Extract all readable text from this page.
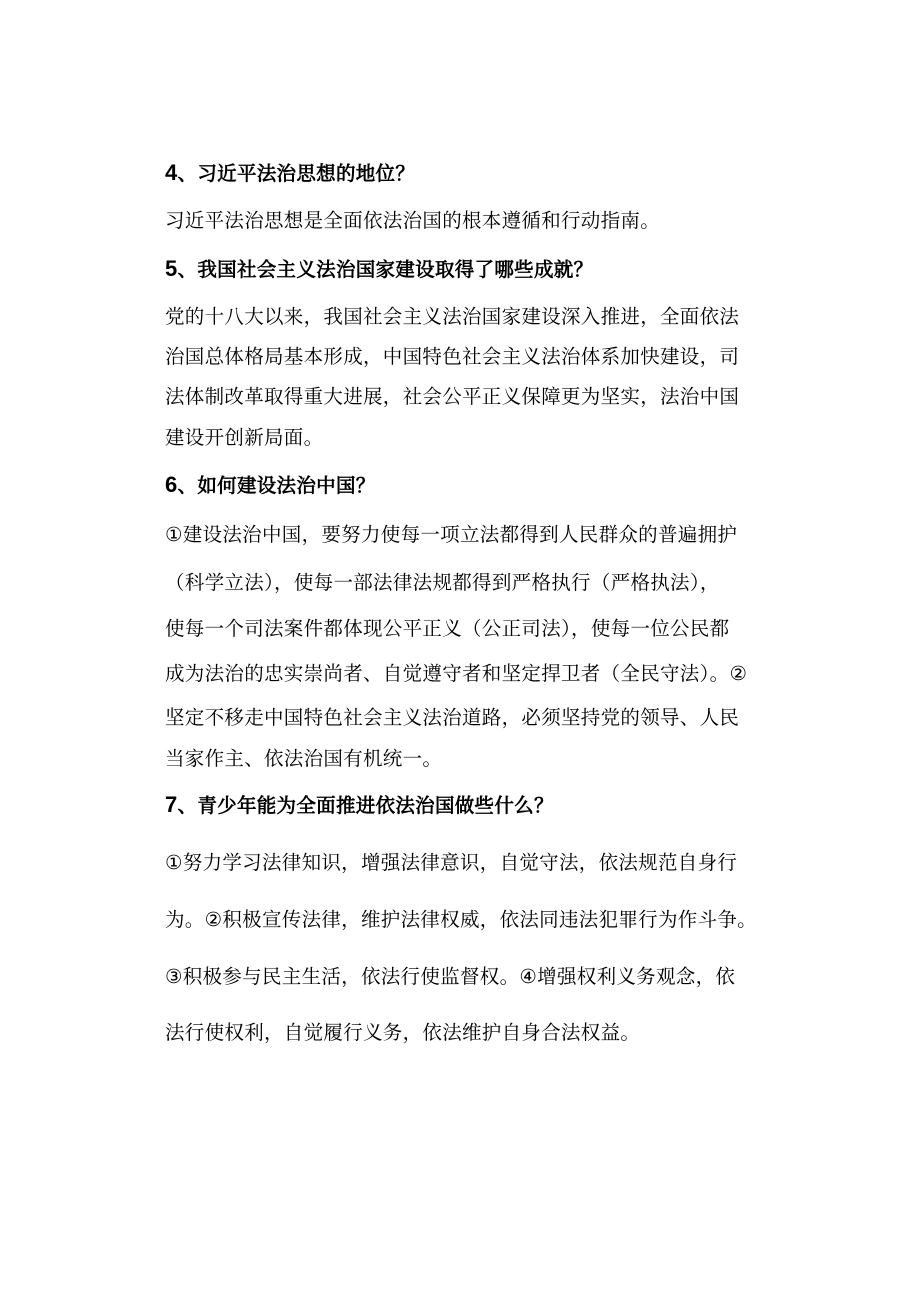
4、习近平法治思想的地位？
习近平法治思想是全面依法治国的根本遵循和行动指南。
5、我国社会主义法治国家建设取得了哪些成就？
党的十八大以来，我国社会主义法治国家建设深入推进，全面依法
治国总体格局基本形成，中国特色社会主义法治体系加快建设，司
法体制改革取得重大进展，社会公平正义保障更为坚实，法治中国
建设开创新局面。
6、如何建设法治中国？
①建设法治中国，要努力使每一项立法都得到人民群众的普遍拥护
（科学立法），使每一部法律法规都得到严格执行（严格执法），
使每一个司法案件都体现公平正义（公正司法），使每一位公民都
成为法治的忠实崇尚者、自觉遵守者和坚定捍卫者（全民守法）。②
坚定不移走中国特色社会主义法治道路，必须坚持党的领导、人民
当家作主、依法治国有机统一。
7、青少年能为全面推进依法治国做些什么？
①努力学习法律知识，增强法律意识，自觉守法，依法规范自身行
为。②积极宣传法律，维护法律权威，依法同违法犯罪行为作斗争。
③积极参与民主生活，依法行使监督权。④增强权利义务观念，依
法行使权利，自觉履行义务，依法维护自身合法权益。
